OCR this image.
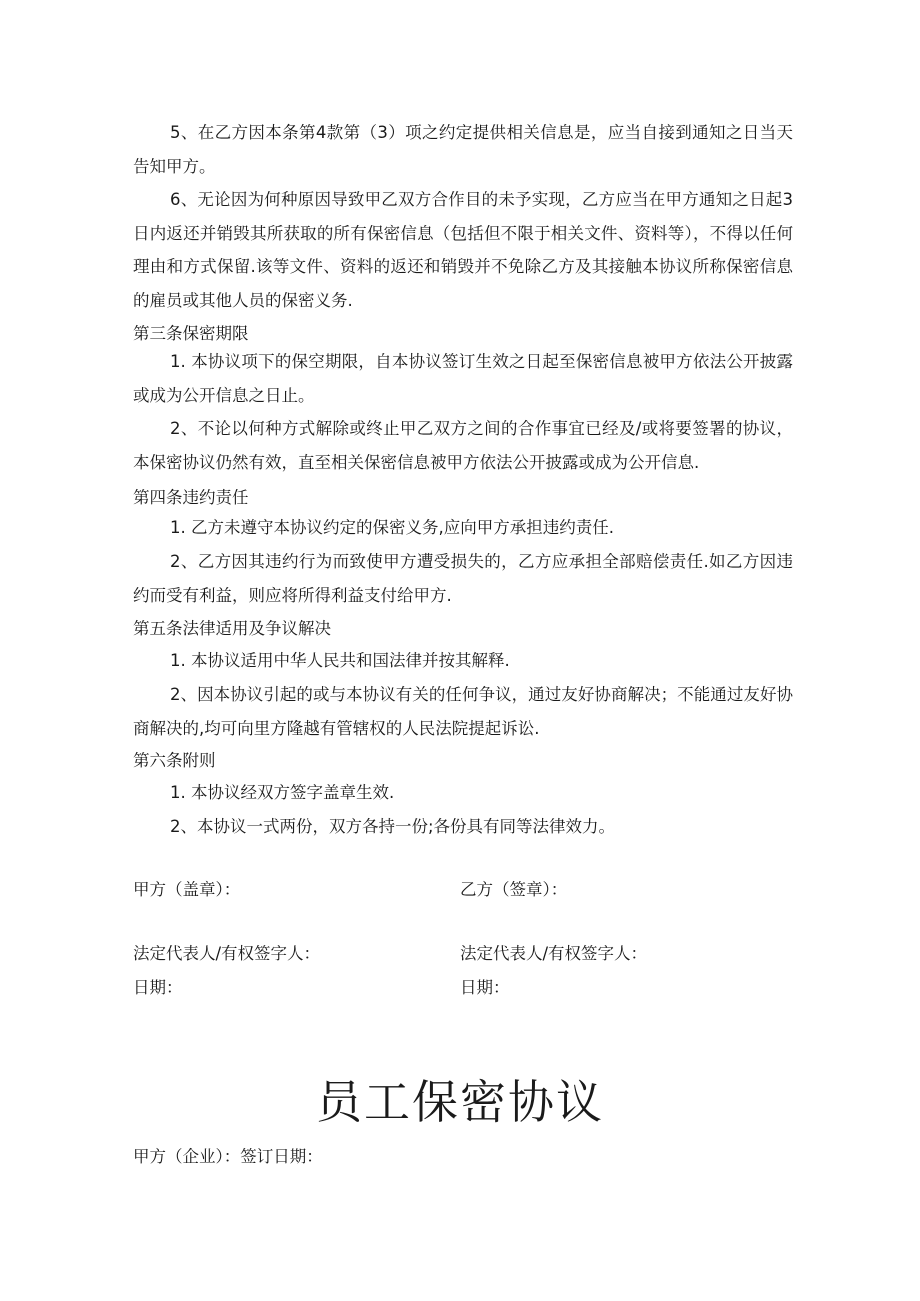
5、在乙方因本条第4款第（3）项之约定提供相关信息是，应当自接到通知之日当天告知甲方。

6、无论因为何种原因导致甲乙双方合作目的未予实现，乙方应当在甲方通知之日起3日内返还并销毁其所获取的所有保密信息（包括但不限于相关文件、资料等），不得以任何理由和方式保留.该等文件、资料的返还和销毁并不免除乙方及其接触本协议所称保密信息的雇员或其他人员的保密义务.

第三条保密期限

1. 本协议项下的保空期限，自本协议签订生效之日起至保密信息被甲方依法公开披露或成为公开信息之日止。

2、不论以何种方式解除或终止甲乙双方之间的合作事宜已经及/或将要签署的协议，本保密协议仍然有效，直至相关保密信息被甲方依法公开披露或成为公开信息.

第四条违约责任

1. 乙方未遵守本协议约定的保密义务,应向甲方承担违约责任.

2、乙方因其违约行为而致使甲方遭受损失的，乙方应承担全部赔偿责任.如乙方因违约而受有利益，则应将所得利益支付给甲方.

第五条法律适用及争议解决

1. 本协议适用中华人民共和国法律并按其解释.

2、因本协议引起的或与本协议有关的任何争议，通过友好协商解决；不能通过友好协商解决的,均可向里方隆越有管辖权的人民法院提起诉讼.

第六条附则

1. 本协议经双方签字盖章生效.

2、本协议一式两份，双方各持一份;各份具有同等法律效力。

甲方（盖章）：	乙方（签章）：
法定代表人/有权签字人：	法定代表人/有权签字人：
日期：	日期：
员工保密协议
甲方（企业）：签订日期：
